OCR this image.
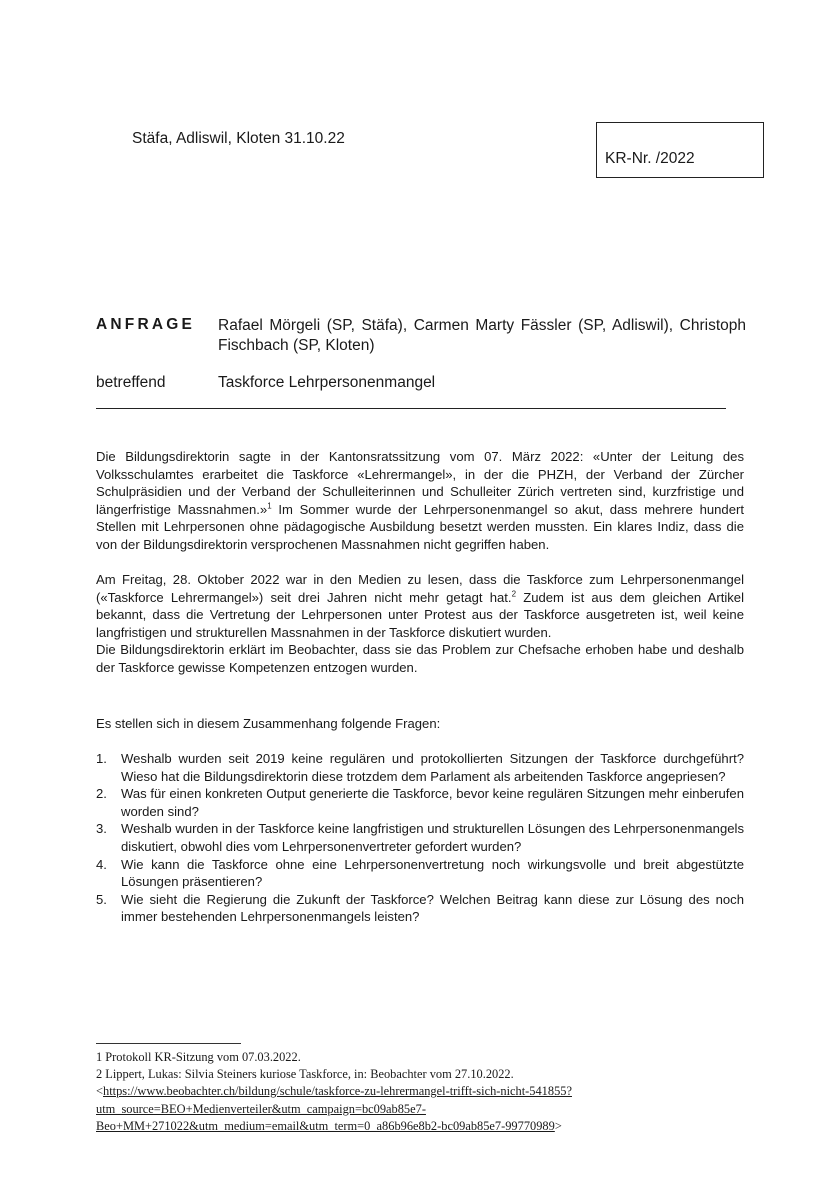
Stäfa, Adliswil, Kloten 31.10.22
KR-Nr. /2022
ANFRAGE Rafael Mörgeli (SP, Stäfa), Carmen Marty Fässler (SP, Adliswil), Christoph Fischbach (SP, Kloten)
betreffend	Taskforce Lehrpersonenmangel

Die Bildungsdirektorin sagte in der Kantonsratssitzung vom 07. März 2022: «Unter der Leitung des Volksschulamtes erarbeitet die Taskforce «Lehrermangel», in der die PHZH, der Verband der Zürcher Schulpräsidien und der Verband der Schulleiterinnen und Schulleiter Zürich vertreten sind, kurzfristige und längerfristige Massnahmen.»$^1$ Im Sommer wurde der Lehrpersonenmangel so akut, dass mehrere hundert Stellen mit Lehrpersonen ohne pädagogische Ausbildung besetzt werden mussten. Ein klares Indiz, dass die von der Bildungsdirektorin versprochenen Massnahmen nicht gegriffen haben.

Am Freitag, 28. Oktober 2022 war in den Medien zu lesen, dass die Taskforce zum Lehrpersonenmangel («Taskforce Lehrermangel») seit drei Jahren nicht mehr getagt hat.$^2$ Zudem ist aus dem gleichen Artikel bekannt, dass die Vertretung der Lehrpersonen unter Protest aus der Taskforce ausgetreten ist, weil keine langfristigen und strukturellen Massnahmen in der Taskforce diskutiert wurden.

Die Bildungsdirektorin erklärt im Beobachter, dass sie das Problem zur Chefsache erhoben habe und deshalb der Taskforce gewisse Kompetenzen entzogen wurden.

Es stellen sich in diesem Zusammenhang folgende Fragen:
1.	Weshalb wurden seit 2019 keine regulären und protokollierten Sitzungen der Taskforce durchgeführt? Wieso hat die Bildungsdirektorin diese trotzdem dem Parlament als arbeitenden Taskforce angepriesen?
2.	Was für einen konkreten Output generierte die Taskforce, bevor keine regulären Sitzungen mehr einberufen worden sind?
3.	Weshalb wurden in der Taskforce keine langfristigen und strukturellen Lösungen des Lehrpersonenmangels diskutiert, obwohl dies vom Lehrpersonenvertreter gefordert wurden?
4.	Wie kann die Taskforce ohne eine Lehrpersonenvertretung noch wirkungsvolle und breit abgestützte Lösungen präsentieren?
5.	Wie sieht die Regierung die Zukunft der Taskforce? Welchen Beitrag kann diese zur Lösung des noch immer bestehenden Lehrpersonenmangels leisten?
1 Protokoll KR-Sitzung vom 07.03.2022.
2 Lippert, Lukas: Silvia Steiners kuriose Taskforce, in: Beobachter vom 27.10.2022.
<https://www.beobachter.ch/bildung/schule/taskforce-zu-lehrermangel-trifft-sich-nicht-541855?
utm_source=BEO+Medienverteiler&utm_campaign=bc09ab85e7-
Beo+MM+271022&utm_medium=email&utm_term=0_a86b96e8b2-bc09ab85e7-99770989>
